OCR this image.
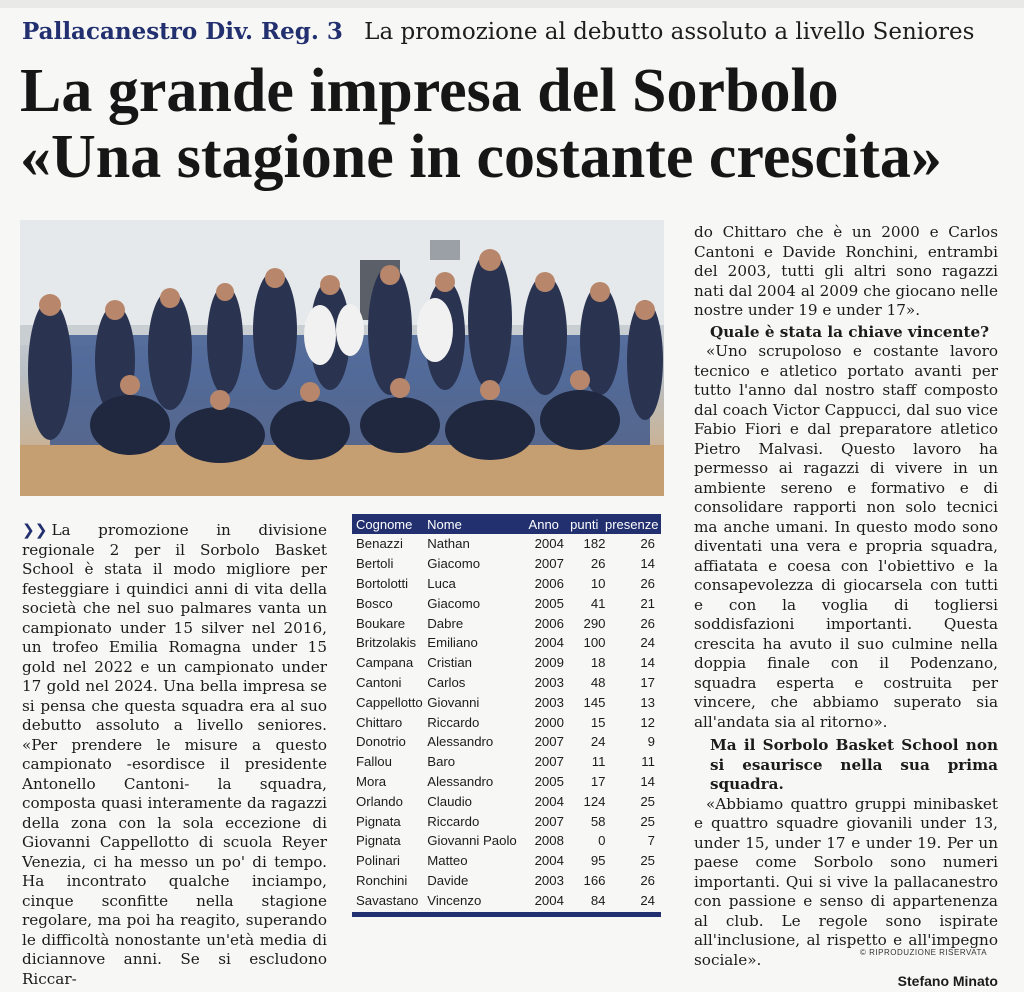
Pallacanestro Div. Reg. 3 La promozione al debutto assoluto a livello Seniores
La grande impresa del Sorbolo
«Una stagione in costante crescita»

❯❯ La promozione in divisione regionale 2 per il Sorbolo Basket School è stata il modo migliore per festeggiare i quindici anni di vita della società che nel suo palmares vanta un campionato under 15 silver nel 2016, un trofeo Emilia Romagna under 15 gold nel 2022 e un campionato under 17 gold nel 2024. Una bella impresa se si pensa che questa squadra era al suo debutto assoluto a livello seniores. «Per prendere le misure a questo campionato -esordisce il presidente Antonello Cantoni- la squadra, composta quasi interamente da ragazzi della zona con la sola eccezione di Giovanni Cappellotto di scuola Reyer Venezia, ci ha messo un po' di tempo. Ha incontrato qualche inciampo, cinque sconfitte nella stagione regolare, ma poi ha reagito, superando le difficoltà nonostante un'età media di diciannove anni. Se si escludono Riccar-

Cognome	Nome	Anno punti presenze
Benazzi	Nathan	2004	182	26
Bertoli	Giacomo	2007	26	14
Bortolotti	Luca	2006	10	26
Bosco	Giacomo	2005	41	21
Boukare	Dabre	2006	290	26
Britzolakis Emiliano	2004	100	24
Campana	Cristian	2009	18	14
Cantoni	Carlos	2003	48	17
Cappellotto Giovanni	2003	145	13
Chittaro	Riccardo	2000	15	12
Donotrio	Alessandro	2007	24	9
Fallou	Baro	2007	11	11
Mora	Alessandro	2005	17	14
Orlando	Claudio	2004	124	25
Pignata	Riccardo	2007	58	25
Pignata	Giovanni Paolo	2008	0	7
Polinari	Matteo	2004	95	25
Ronchini	Davide	2003	166	26
Savastano Vincenzo	2004	84	24

do Chittaro che è un 2000 e Carlos Cantoni e Davide Ronchini, entrambi del 2003, tutti gli altri sono ragazzi nati dal 2004 al 2009 che giocano nelle nostre under 19 e under 17».

Quale è stata la chiave vincente?

«Uno scrupoloso e costante lavoro tecnico e atletico portato avanti per tutto l'anno dal nostro staff composto dal coach Victor Cappucci, dal suo vice Fabio Fiori e dal preparatore atletico Pietro Malvasi. Questo lavoro ha permesso ai ragazzi di vivere in un ambiente sereno e formativo e di consolidare rapporti non solo tecnici ma anche umani. In questo modo sono diventati una vera e propria squadra, affiatata e coesa con l'obiettivo e la consapevolezza di giocarsela con tutti e con la voglia di togliersi soddisfazioni importanti. Questa crescita ha avuto il suo culmine nella doppia finale con il Podenzano, squadra esperta e costruita per vincere, che abbiamo superato sia all'andata sia al ritorno».

Ma il Sorbolo Basket School non si esaurisce nella sua prima squadra.

«Abbiamo quattro gruppi minibasket e quattro squadre giovanili under 13, under 15, under 17 e under 19. Per un paese come Sorbolo sono numeri importanti. Qui si vive la pallacanestro con passione e senso di appartenenza al club. Le regole sono ispirate all'inclusione, al rispetto e all'impegno sociale».

Stefano Minato

© RIPRODUZIONE RISERVATA
